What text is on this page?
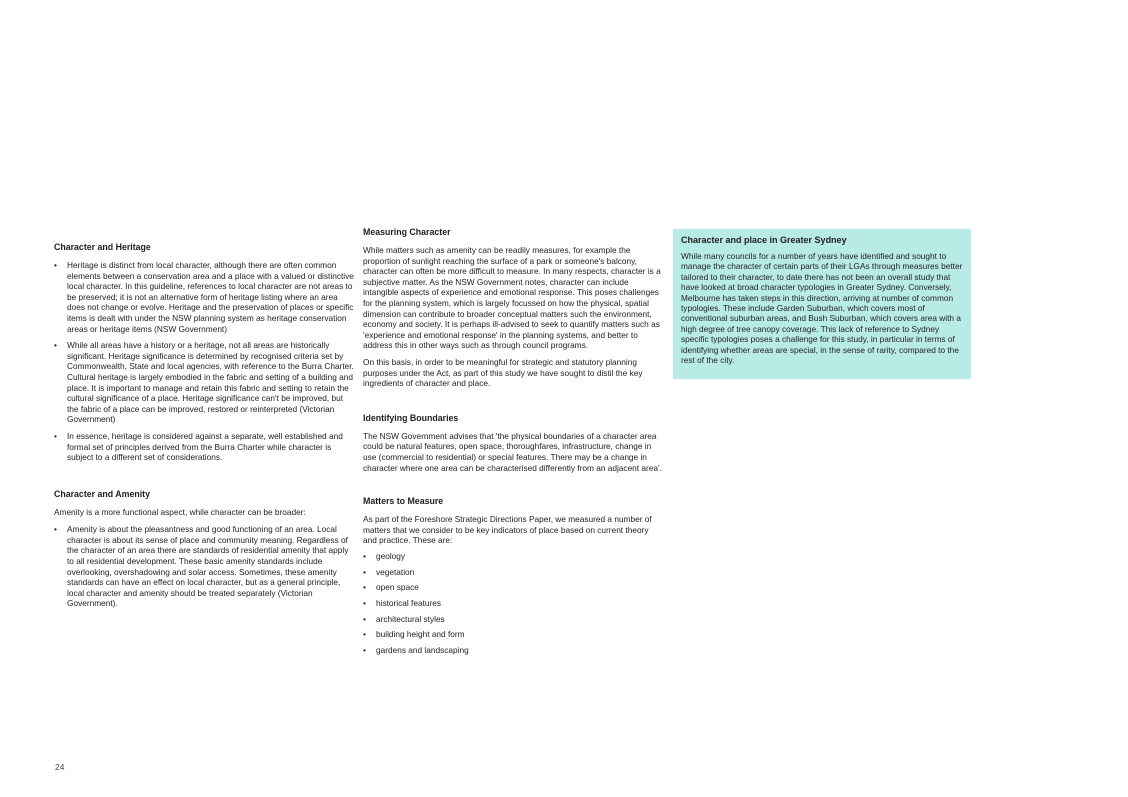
Character and Heritage
• Heritage is distinct from local character, although there are often common elements between a conservation area and a place with a valued or distinctive local character. In this guideline, references to local character are not areas to be preserved; it is not an alternative form of heritage listing where an area does not change or evolve. Heritage and the preservation of places or specific items is dealt with under the NSW planning system as heritage conservation areas or heritage items (NSW Government)
• While all areas have a history or a heritage, not all areas are historically significant. Heritage significance is determined by recognised criteria set by Commonwealth, State and local agencies, with reference to the Burra Charter. Cultural heritage is largely embodied in the fabric and setting of a building and place. It is important to manage and retain this fabric and setting to retain the cultural significance of a place. Heritage significance can't be improved, but the fabric of a place can be improved, restored or reinterpreted (Victorian Government)
• In essence, heritage is considered against a separate, well established and formal set of principles derived from the Burra Charter while character is subject to a different set of considerations.
Character and Amenity

Amenity is a more functional aspect, while character can be broader:

• Amenity is about the pleasantness and good functioning of an area. Local character is about its sense of place and community meaning. Regardless of the character of an area there are standards of residential amenity that apply to all residential development. These basic amenity standards include overlooking, overshadowing and solar access. Sometimes, these amenity standards can have an effect on local character, but as a general principle, local character and amenity should be treated separately (Victorian Government).
Measuring Character

While matters such as amenity can be readily measures, for example the proportion of sunlight reaching the surface of a park or someone's balcony, character can often be more difficult to measure. In many respects, character is a subjective matter. As the NSW Government notes, character can include intangible aspects of experience and emotional response. This poses challenges for the planning system, which is largely focussed on how the physical, spatial dimension can contribute to broader conceptual matters such the environment, economy and society. It is perhaps ill-advised to seek to quantify matters such as 'experience and emotional response' in the planning systems, and better to address this in other ways such as through council programs.

On this basis, in order to be meaningful for strategic and statutory planning purposes under the Act, as part of this study we have sought to distil the key ingredients of character and place.

Identifying Boundaries

The NSW Government advises that 'the physical boundaries of a character area could be natural features, open space, thoroughfares, infrastructure, change in use (commercial to residential) or special features. There may be a change in character where one area can be characterised differently from an adjacent area'.

Matters to Measure

As part of the Foreshore Strategic Directions Paper, we measured a number of matters that we consider to be key indicators of place based on current theory and practice. These are:

• geology
• vegetation
• open space
• historical features
• architectural styles
• building height and form
• gardens and landscaping
Character and place in Greater Sydney

While many councils for a number of years have identified and sought to manage the character of certain parts of their LGAs through measures better tailored to their character, to date there has not been an overall study that have looked at broad character typologies in Greater Sydney. Conversely, Melbourne has taken steps in this direction, arriving at number of common typologies. These include Garden Suburban, which covers most of conventional suburban areas, and Bush Suburban, which covers area with a high degree of tree canopy coverage. This lack of reference to Sydney specific typologies poses a challenge for this study, in particular in terms of identifying whether areas are special, in the sense of rarity, compared to the rest of the city.

24
